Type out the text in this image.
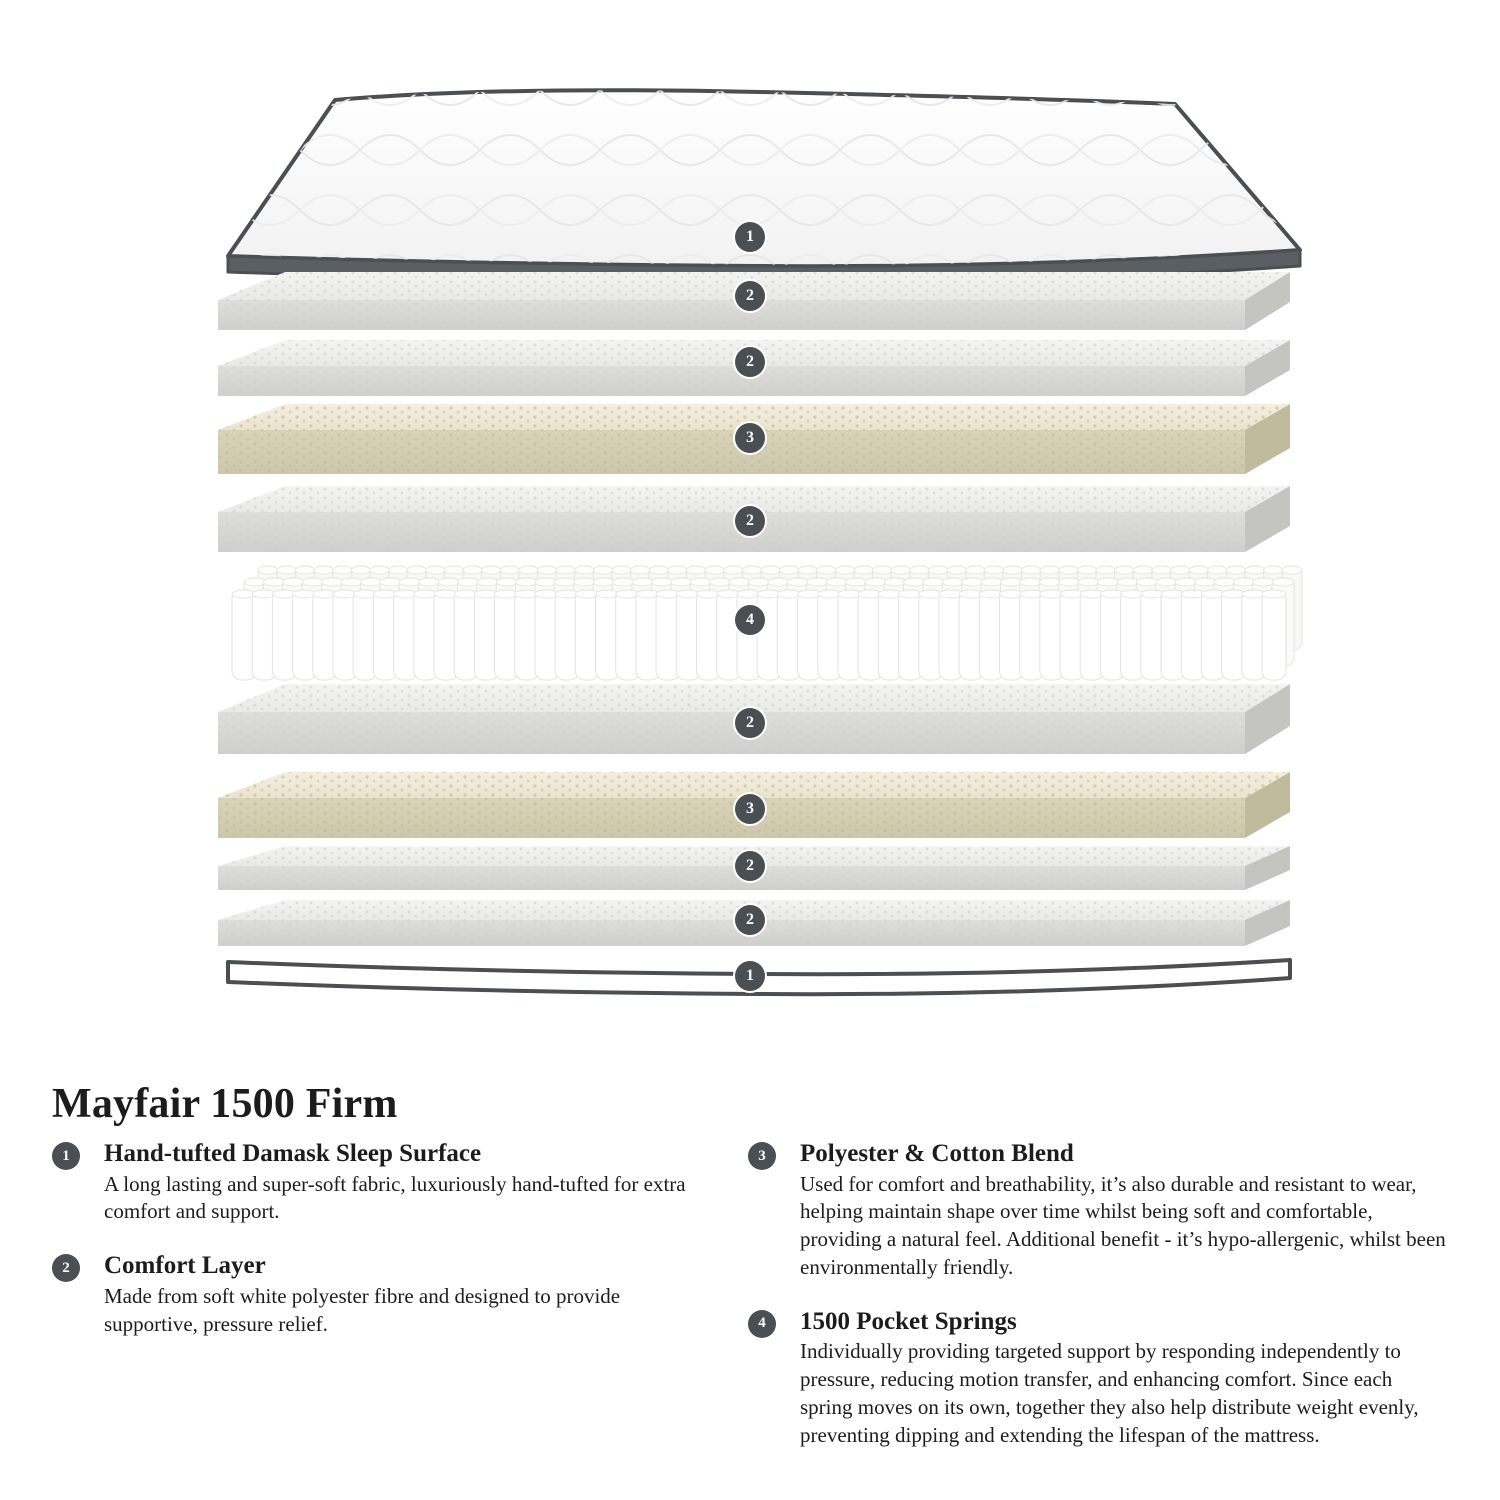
1
2
2
3
2
4
2
3
2
2
1
Mayfair 1500 Firm
1	Hand-tufted Damask Sleep Surface

A long lasting and super-soft fabric, luxuriously hand-tufted for extra comfort and support.

2	Comfort Layer

Made from soft white polyester fibre and designed to provide supportive, pressure relief.

3	Polyester & Cotton Blend

Used for comfort and breathability, it’s also durable and resistant to wear, helping maintain shape over time whilst being soft and comfortable, providing a natural feel. Additional benefit - it’s hypo-allergenic, whilst been environmentally friendly.

4	1500 Pocket Springs

Individually providing targeted support by responding independently to pressure, reducing motion transfer, and enhancing comfort. Since each spring moves on its own, together they also help distribute weight evenly, preventing dipping and extending the lifespan of the mattress.
